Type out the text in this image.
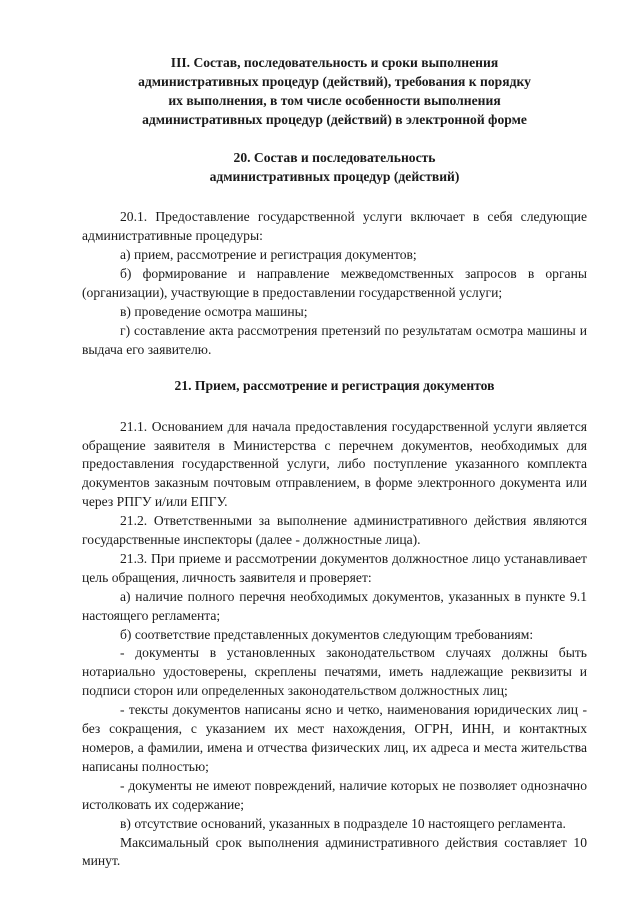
III. Состав, последовательность и сроки выполнения
административных процедур (действий), требования к порядку
их выполнения, в том числе особенности выполнения
административных процедур (действий) в электронной форме
20. Состав и последовательность
административных процедур (действий)

20.1. Предоставление государственной услуги включает в себя следующие административные процедуры:

а) прием, рассмотрение и регистрация документов;

б) формирование и направление межведомственных запросов в органы (организации), участвующие в предоставлении государственной услуги;

в) проведение осмотра машины;

г) составление акта рассмотрения претензий по результатам осмотра машины и выдача его заявителю.

21. Прием, рассмотрение и регистрация документов

21.1. Основанием для начала предоставления государственной услуги является обращение заявителя в Министерства с перечнем документов, необходимых для предоставления государственной услуги, либо поступление указанного комплекта документов заказным почтовым отправлением, в форме электронного документа или через РПГУ и/или ЕПГУ.

21.2. Ответственными за выполнение административного действия являются государственные инспекторы (далее - должностные лица).

21.3. При приеме и рассмотрении документов должностное лицо устанавливает цель обращения, личность заявителя и проверяет:

а) наличие полного перечня необходимых документов, указанных в пункте 9.1 настоящего регламента;

б) соответствие представленных документов следующим требованиям:

- документы в установленных законодательством случаях должны быть нотариально удостоверены, скреплены печатями, иметь надлежащие реквизиты и подписи сторон или определенных законодательством должностных лиц;

- тексты документов написаны ясно и четко, наименования юридических лиц - без сокращения, с указанием их мест нахождения, ОГРН, ИНН, и контактных номеров, а фамилии, имена и отчества физических лиц, их адреса и места жительства написаны полностью;

- документы не имеют повреждений, наличие которых не позволяет однозначно истолковать их содержание;

в) отсутствие оснований, указанных в подразделе 10 настоящего регламента.

Максимальный срок выполнения административного действия составляет 10 минут.
